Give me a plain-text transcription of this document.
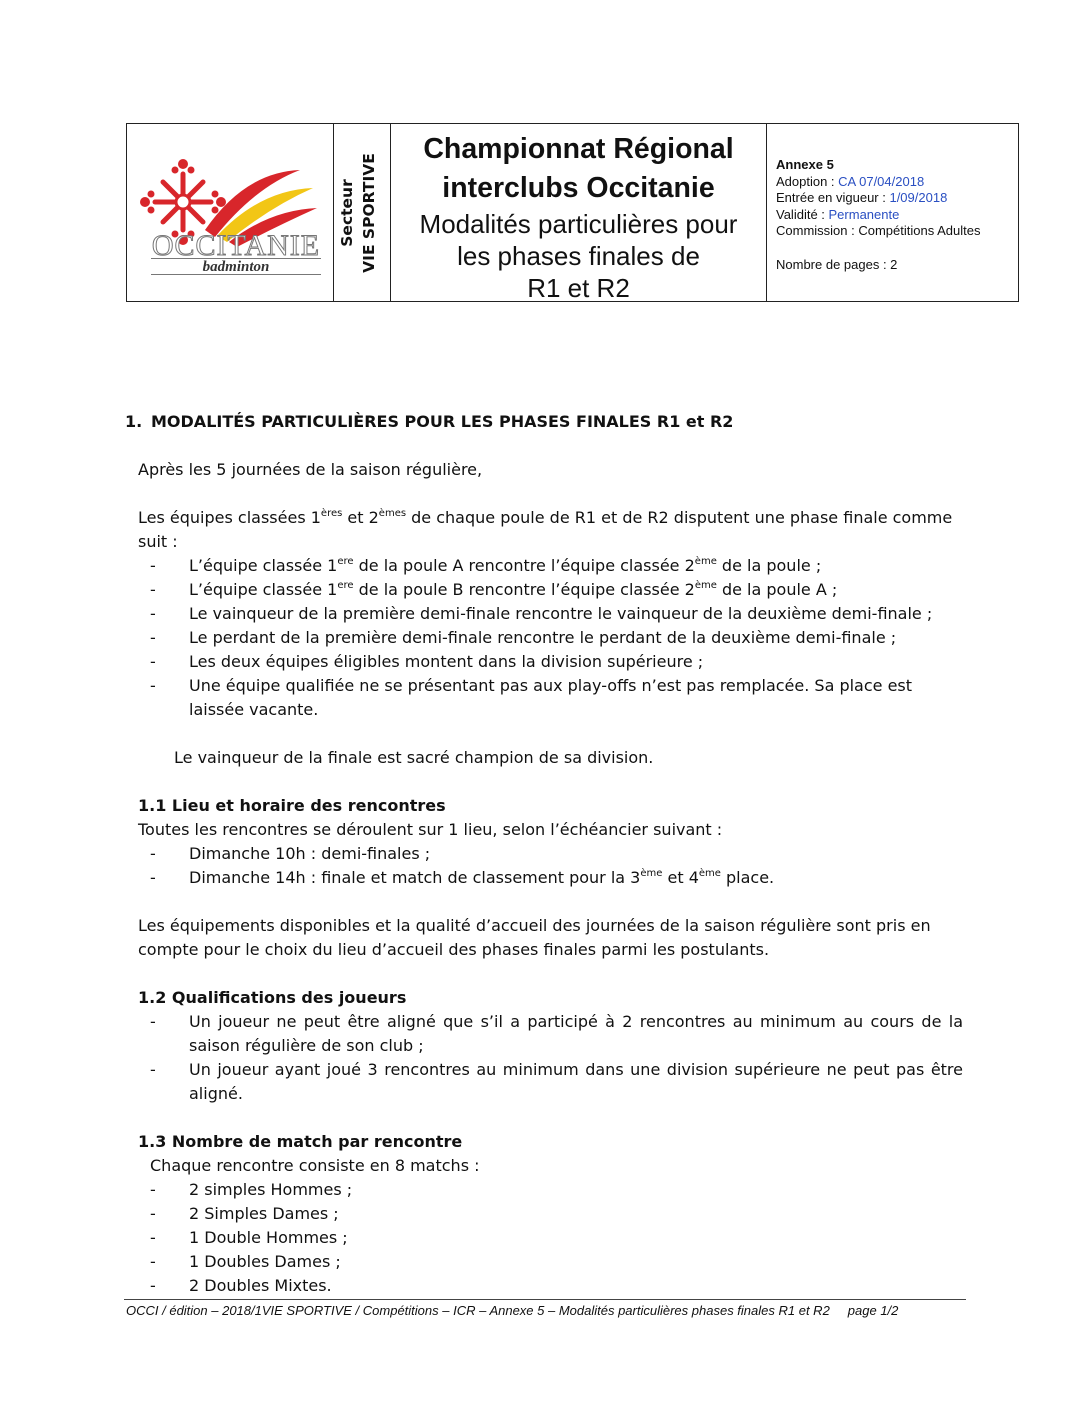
OCCITANIE
badminton
Secteur VIE SPORTIVE
Championnat Régional
interclubs Occitanie
Modalités particulières pour
les phases finales de
R1 et R2
Annexe 5
Adoption : CA 07/04/2018
Entrée en vigueur : 1/09/2018
Validité : Permanente
Commission : Compétitions Adultes
Nombre de pages : 2

1. MODALITÉS PARTICULIÈRES POUR LES PHASES FINALES R1 et R2

Après les 5 journées de la saison régulière,

Les équipes classées 1ères et 2èmes de chaque poule de R1 et de R2 disputent une phase finale comme suit :

- L’équipe classée 1ere de la poule A rencontre l’équipe classée 2ème de la poule ;
- L’équipe classée 1ere de la poule B rencontre l’équipe classée 2ème de la poule A ;
- Le vainqueur de la première demi-finale rencontre le vainqueur de la deuxième demi-finale ;
- Le perdant de la première demi-finale rencontre le perdant de la deuxième demi-finale ;
- Les deux équipes éligibles montent dans la division supérieure ;
- Une équipe qualifiée ne se présentant pas aux play-offs n’est pas remplacée. Sa place est laissée vacante.

Le vainqueur de la finale est sacré champion de sa division.

1.1 Lieu et horaire des rencontres

Toutes les rencontres se déroulent sur 1 lieu, selon l’échéancier suivant :

- Dimanche 10h : demi-finales ;
- Dimanche 14h : finale et match de classement pour la 3ème et 4ème place.

Les équipements disponibles et la qualité d’accueil des journées de la saison régulière sont pris en compte pour le choix du lieu d’accueil des phases finales parmi les postulants.

1.2 Qualifications des joueurs

- Un joueur ne peut être aligné que s’il a participé à 2 rencontres au minimum au cours de la saison régulière de son club ;
- Un joueur ayant joué 3 rencontres au minimum dans une division supérieure ne peut pas être aligné.

1.3 Nombre de match par rencontre

Chaque rencontre consiste en 8 matchs :

- 2 simples Hommes ;
- 2 Simples Dames ;
- 1 Double Hommes ;
- 1 Doubles Dames ;
- 2 Doubles Mixtes.
OCCI / édition – 2018/1VIE SPORTIVE / Compétitions – ICR – Annexe 5 – Modalités particulières phases finales R1 et R2 page 1/2
